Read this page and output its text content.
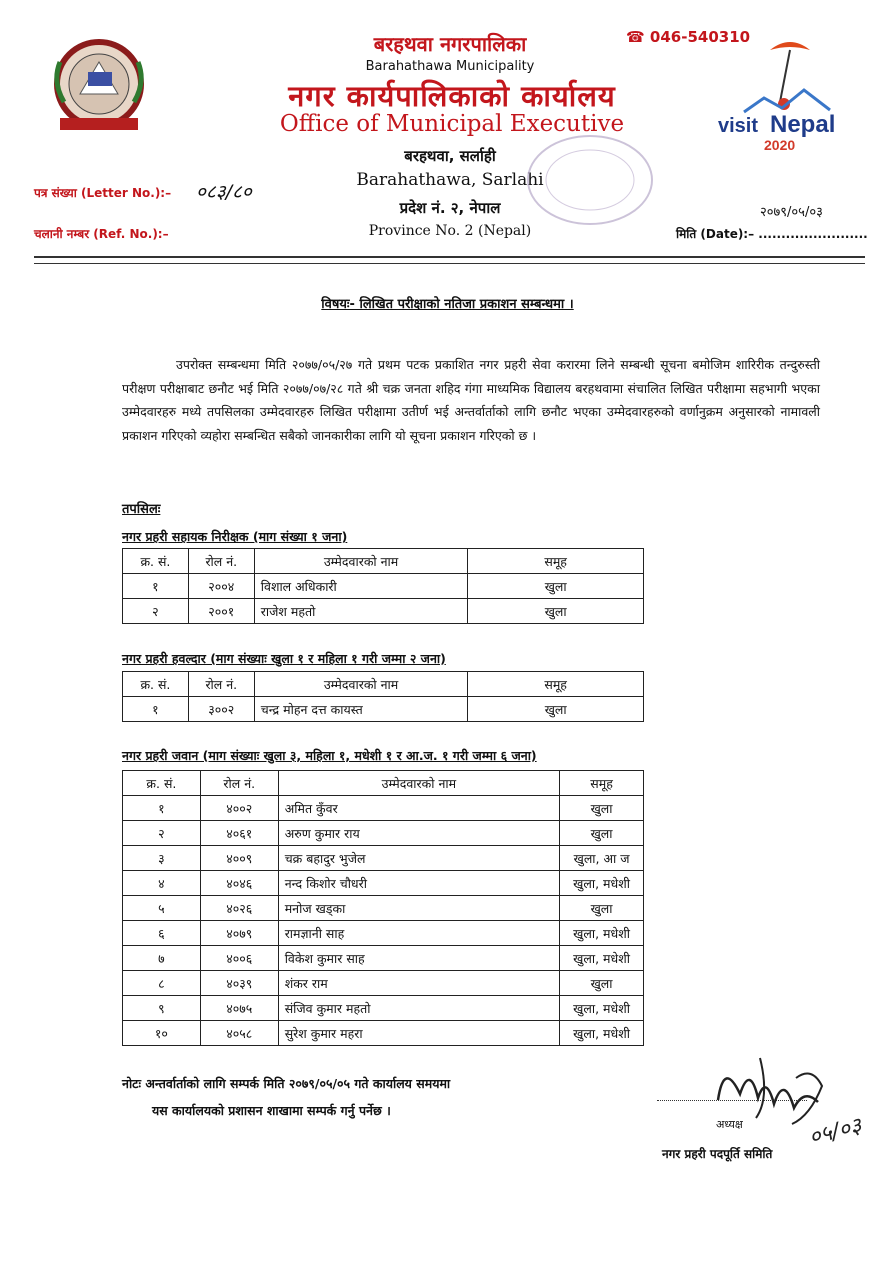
बरहथवा नगरपालिका
Barahathawa Municipality
नगर कार्यपालिकाको कार्यालय
Office of Municipal Executive
बरहथवा, सर्लाही
Barahathawa, Sarlahi
प्रदेश नं. २, नेपाल
Province No. 2 (Nepal)
☎ 046-540310
visit Nepal
2020
पत्र संख्या (Letter No.):– ०८३/८०
चलानी नम्बर (Ref. No.):–
२०७९/०५/०३
मिति (Date):– ........................
विषयः- लिखित परीक्षाको नतिजा प्रकाशन सम्बन्धमा ।
उपरोक्त सम्बन्धमा मिति २०७७/०५/२७ गते प्रथम पटक प्रकाशित नगर प्रहरी सेवा करारमा लिने सम्बन्धी सूचना बमोजिम शारिरीक तन्दुरुस्ती परीक्षण परीक्षाबाट छनौट भई मिति २०७७/०७/२८ गते श्री चक्र जनता शहिद गंगा माध्यमिक विद्यालय बरहथवामा संचालित लिखित परीक्षामा सहभागी भएका उम्मेदवारहरु मध्ये तपसिलका उम्मेदवारहरु लिखित परीक्षामा उतीर्ण भई अन्तर्वार्ताको लागि छनौट भएका उम्मेदवारहरुको वर्णानुक्रम अनुसारको नामावली प्रकाशन गरिएको व्यहोरा सम्बन्धित सबैको जानकारीका लागि यो सूचना प्रकाशन गरिएको छ ।
तपसिलः
नगर प्रहरी सहायक निरीक्षक (माग संख्या १ जना)
क्र. सं.	रोल नं.	उम्मेदवारको नाम	समूह
१	२००४	विशाल अधिकारी	खुला
२	२००१	राजेश महतो	खुला
नगर प्रहरी हवल्दार (माग संख्याः खुला १ र महिला १ गरी जम्मा २ जना)
क्र. सं.	रोल नं.	उम्मेदवारको नाम	समूह
१	३००२	चन्द्र मोहन दत्त कायस्त	खुला
नगर प्रहरी जवान (माग संख्याः खुला ३, महिला १, मधेशी १ र आ.ज. १ गरी जम्मा ६ जना)
क्र. सं.	रोल नं.	उम्मेदवारको नाम	समूह
१	४००२	अमित कुँवर	खुला
२	४०६१	अरुण कुमार राय	खुला
३	४००९	चक्र बहादुर भुजेल	खुला, आ ज
४	४०४६	नन्द किशोर चौधरी	खुला, मधेशी
५	४०२६	मनोज खड्का	खुला
६	४०७९	रामज्ञानी साह	खुला, मधेशी
७	४००६	विकेश कुमार साह	खुला, मधेशी
८	४०३९	शंकर राम	खुला
९	४०७५	संजिव कुमार महतो	खुला, मधेशी
१०	४०५८	सुरेश कुमार महरा	खुला, मधेशी
नोटः अन्तर्वार्ताको लागि सम्पर्क मिति २०७९/०५/०५ गते कार्यालय समयमा
यस कार्यालयको प्रशासन शाखामा सम्पर्क गर्नु पर्नेछ ।
०५/०३
अध्यक्ष
नगर प्रहरी पदपूर्ति समिति
